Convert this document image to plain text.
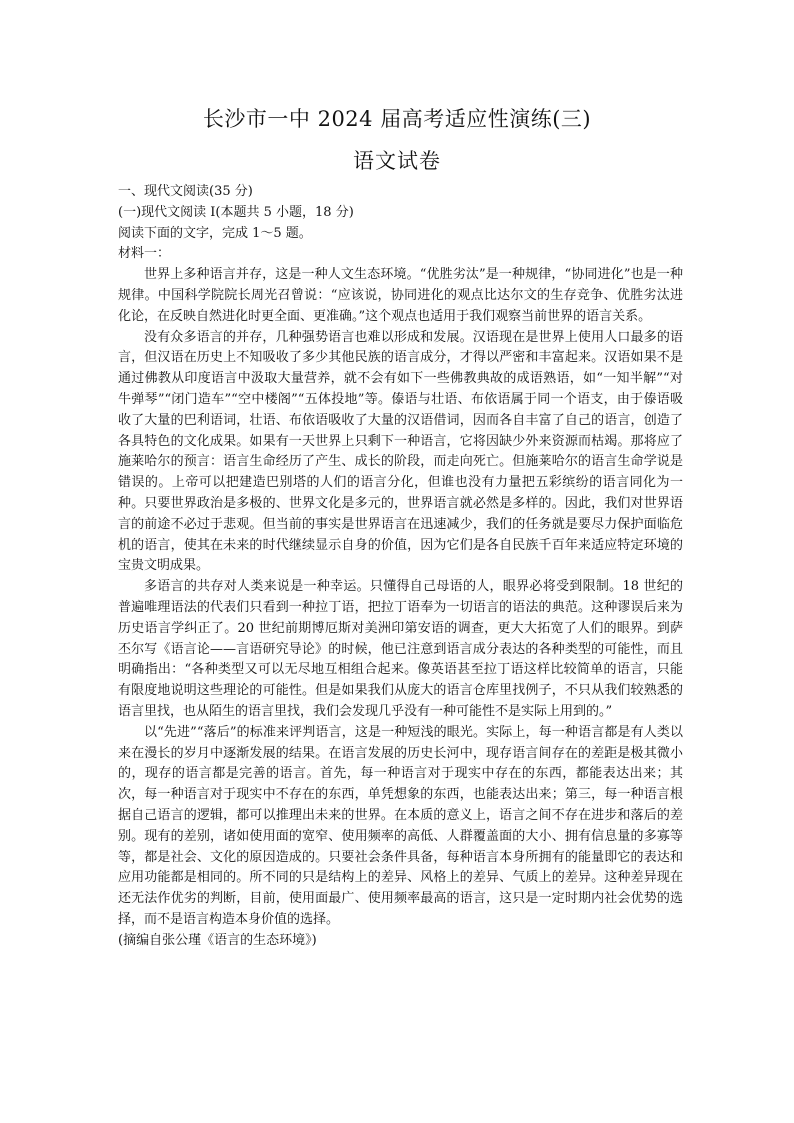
长沙市一中 2024 届高考适应性演练(三)
语文试卷
一、现代文阅读(35 分)
(一)现代文阅读 I(本题共 5 小题，18 分)
阅读下面的文字，完成 1～5 题。
材料一：

世界上多种语言并存，这是一种人文生态环境。“优胜劣汰”是一种规律，“协同进化”也是一种规律。中国科学院院长周光召曾说：“应该说，协同进化的观点比达尔文的生存竞争、优胜劣汰进化论，在反映自然进化时更全面、更准确。”这个观点也适用于我们观察当前世界的语言关系。

没有众多语言的并存，几种强势语言也难以形成和发展。汉语现在是世界上使用人口最多的语言，但汉语在历史上不知吸收了多少其他民族的语言成分，才得以严密和丰富起来。汉语如果不是通过佛教从印度语言中汲取大量营养，就不会有如下一些佛教典故的成语熟语，如“一知半解”“对牛弹琴”“闭门造车”“空中楼阁”“五体投地”等。傣语与壮语、布依语属于同一个语支，由于傣语吸收了大量的巴利语词，壮语、布依语吸收了大量的汉语借词，因而各自丰富了自己的语言，创造了各具特色的文化成果。如果有一天世界上只剩下一种语言，它将因缺少外来资源而枯竭。那将应了施莱哈尔的预言：语言生命经历了产生、成长的阶段，而走向死亡。但施莱哈尔的语言生命学说是错误的。上帝可以把建造巴别塔的人们的语言分化，但谁也没有力量把五彩缤纷的语言同化为一种。只要世界政治是多极的、世界文化是多元的，世界语言就必然是多样的。因此，我们对世界语言的前途不必过于悲观。但当前的事实是世界语言在迅速减少，我们的任务就是要尽力保护面临危机的语言，使其在未来的时代继续显示自身的价值，因为它们是各自民族千百年来适应特定环境的宝贵文明成果。

多语言的共存对人类来说是一种幸运。只懂得自己母语的人，眼界必将受到限制。18 世纪的普遍唯理语法的代表们只看到一种拉丁语，把拉丁语奉为一切语言的语法的典范。这种谬误后来为历史语言学纠正了。20 世纪前期博厄斯对美洲印第安语的调查，更大大拓宽了人们的眼界。到萨丕尔写《语言论——言语研究导论》的时候，他已注意到语言成分表达的各种类型的可能性，而且明确指出：“各种类型又可以无尽地互相组合起来。像英语甚至拉丁语这样比较简单的语言，只能有限度地说明这些理论的可能性。但是如果我们从庞大的语言仓库里找例子，不只从我们较熟悉的语言里找，也从陌生的语言里找，我们会发现几乎没有一种可能性不是实际上用到的。”

以“先进”“落后”的标准来评判语言，这是一种短浅的眼光。实际上，每一种语言都是有人类以来在漫长的岁月中逐渐发展的结果。在语言发展的历史长河中，现存语言间存在的差距是极其微小的，现存的语言都是完善的语言。首先，每一种语言对于现实中存在的东西，都能表达出来；其次，每一种语言对于现实中不存在的东西，单凭想象的东西，也能表达出来；第三，每一种语言根据自己语言的逻辑，都可以推理出未来的世界。在本质的意义上，语言之间不存在进步和落后的差别。现有的差别，诸如使用面的宽窄、使用频率的高低、人群覆盖面的大小、拥有信息量的多寡等等，都是社会、文化的原因造成的。只要社会条件具备，每种语言本身所拥有的能量即它的表达和应用功能都是相同的。所不同的只是结构上的差异、风格上的差异、气质上的差异。这种差异现在还无法作优劣的判断，目前，使用面最广、使用频率最高的语言，这只是一定时期内社会优势的选择，而不是语言构造本身价值的选择。

(摘编自张公瑾《语言的生态环境》)
